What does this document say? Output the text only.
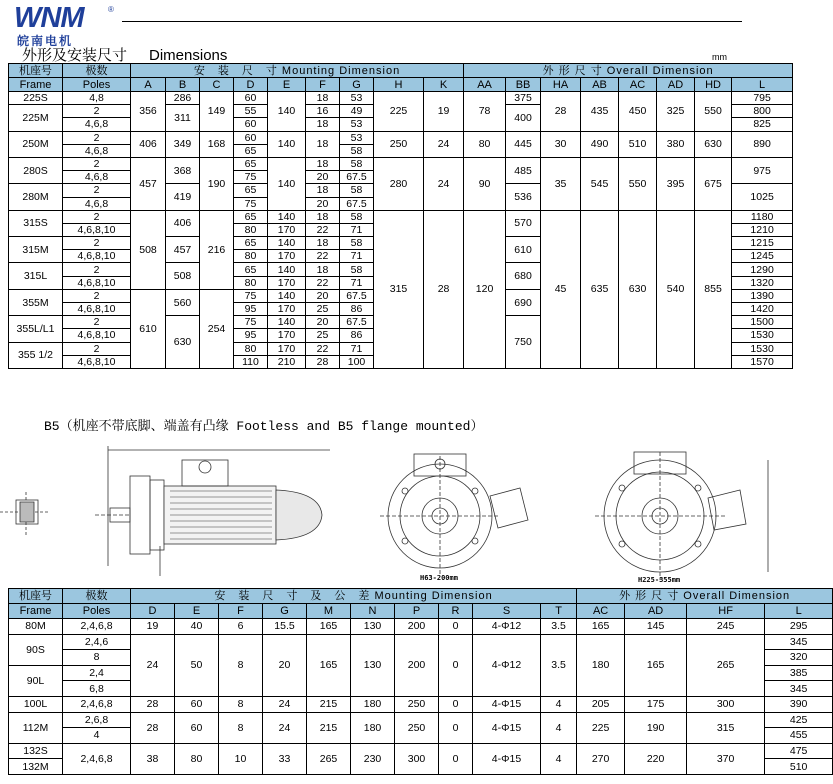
WNM	®
皖南电机
外形及安装尺寸 Dimensions	mm
机座号	极数	安　装　尺　寸 Mounting Dimension									外 形 尺 寸 Overall Dimension							
Frame	Poles	A	B	C	D	E	F	G	H	K	AA	BB	HA	AB	AC	AD	HD	L
225S	4,8	356	286	149	60	140	18	53	225	19	78	375	28	435	450	325	550	795
225M	2		311		55		16	49				400						800
	4,6,8				60		18	53										825
250M	2	406	349	168	60	140	18	53	250	24	80	445	30	490	510	380	630	890
	4,6,8				65			58										
280S	2	457	368	190	65	140	18	58	280	24	90	485	35	545	550	395	675	975
	4,6,8				75		20	67.5										
280M	2		419		65		18	58				536						1025
	4,6,8				75		20	67.5										
315S	2	508	406	216	65	140	18	58	315	28	120	570	45	635	630	540	855	1180
	4,6,8,10				80	170	22	71										1210
315M	2		457		65	140	18	58				610						1215
	4,6,8,10				80	170	22	71										1245
315L	2		508		65	140	18	58				680						1290
	4,6,8,10				80	170	22	71										1320
355M	2	610	560	254	75	140	20	67.5				690						1390
	4,6,8,10				95	170	25	86										1420
355L/L1	2		630		75	140	20	67.5				750						1500
	4,6,8,10				95	170	25	86										1530
355 1/2	2				80	170	22	71										1530
	4,6,8,10				110	210	28	100										1570
B5（机座不带底脚、端盖有凸缘 Footless and B5 flange mounted）
H63-200mm	H225-355mm
机座号	极数	安　装　尺　寸　及　公　差 Mounting Dimension										外 形 尺 寸 Overall Dimension			
Frame	Poles	D	E	F	G	M	N	P	R	S	T	AC	AD	HF	L
80M	2,4,6,8	19	40	6	15.5	165	130	200	0	4-Φ12	3.5	165	145	245	295
90S	2,4,6	24	50	8	20	165	130	200	0	4-Φ12	3.5	180	165	265	345
	8														320
90L	2,4														385
	6,8														345
100L	2,4,6,8	28	60	8	24	215	180	250	0	4-Φ15	4	205	175	300	390
112M	2,6,8	28	60	8	24	215	180	250	0	4-Φ15	4	225	190	315	425
	4														455
132S	2,4,6,8	38	80	10	33	265	230	300	0	4-Φ15	4	270	220	370	475
132M															510
